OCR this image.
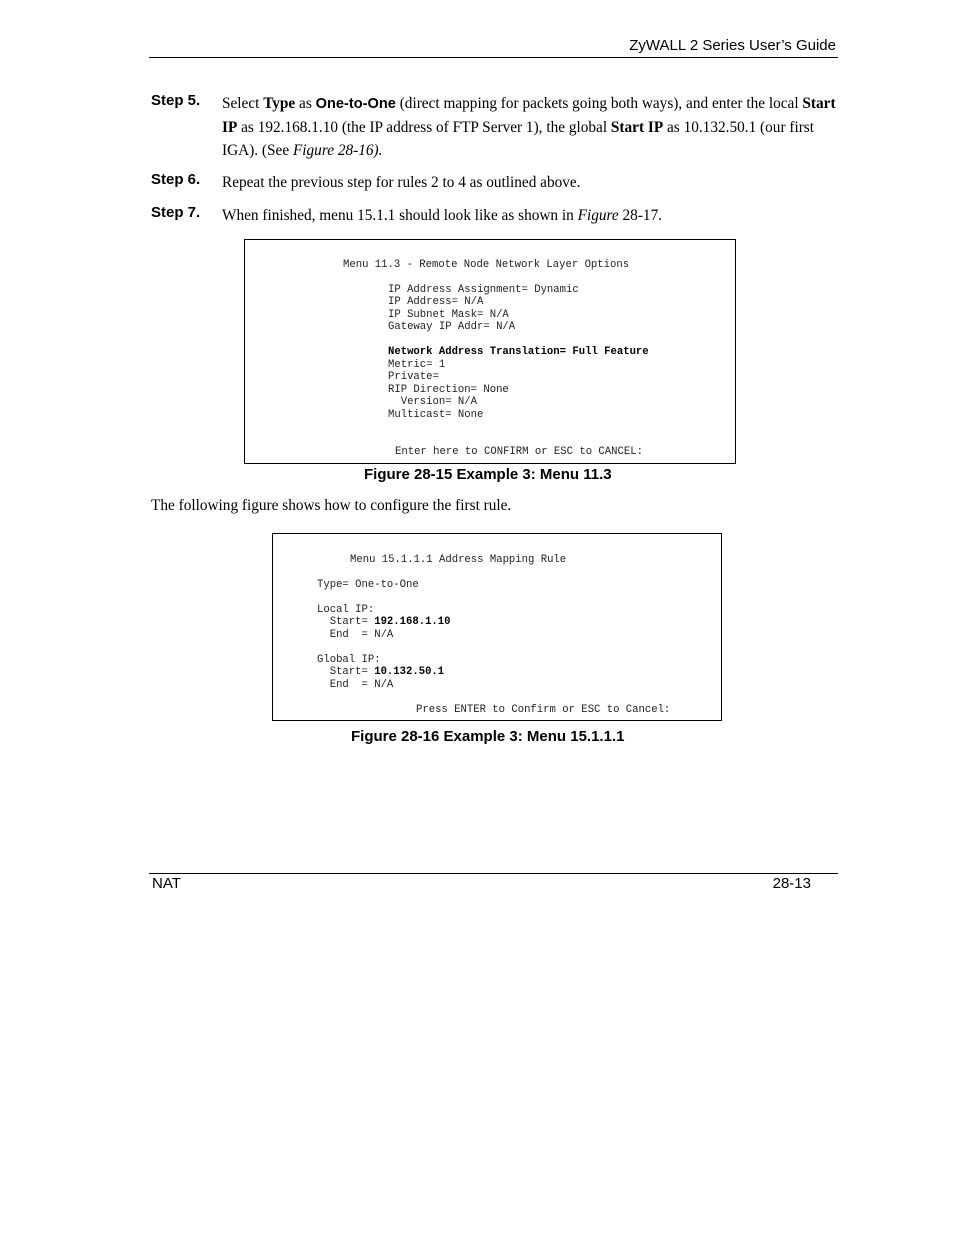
ZyWALL 2 Series User’s Guide
Step 5. Select Type as One-to-One (direct mapping for packets going both ways), and enter the local Start IP as 192.168.1.10 (the IP address of FTP Server 1), the global Start IP as 10.132.50.1 (our first IGA). (See Figure 28-16).
Step 6. Repeat the previous step for rules 2 to 4 as outlined above.
Step 7. When finished, menu 15.1.1 should look like as shown in Figure 28-17.
Menu 11.3 - Remote Node Network Layer Options
IP Address Assignment= Dynamic
IP Address= N/A
IP Subnet Mask= N/A
Gateway IP Addr= N/A
Network Address Translation= Full Feature
Metric= 1
Private=
RIP Direction= None
Version= N/A
Multicast= None
Enter here to CONFIRM or ESC to CANCEL:
Figure 28-15 Example 3: Menu 11.3
The following figure shows how to configure the first rule.
Menu 15.1.1.1 Address Mapping Rule
Type= One-to-One
Local IP:
Start= 192.168.1.10
End  = N/A
Global IP:
Start= 10.132.50.1
End  = N/A
Press ENTER to Confirm or ESC to Cancel:
Figure 28-16 Example 3: Menu 15.1.1.1
NAT	28-13
